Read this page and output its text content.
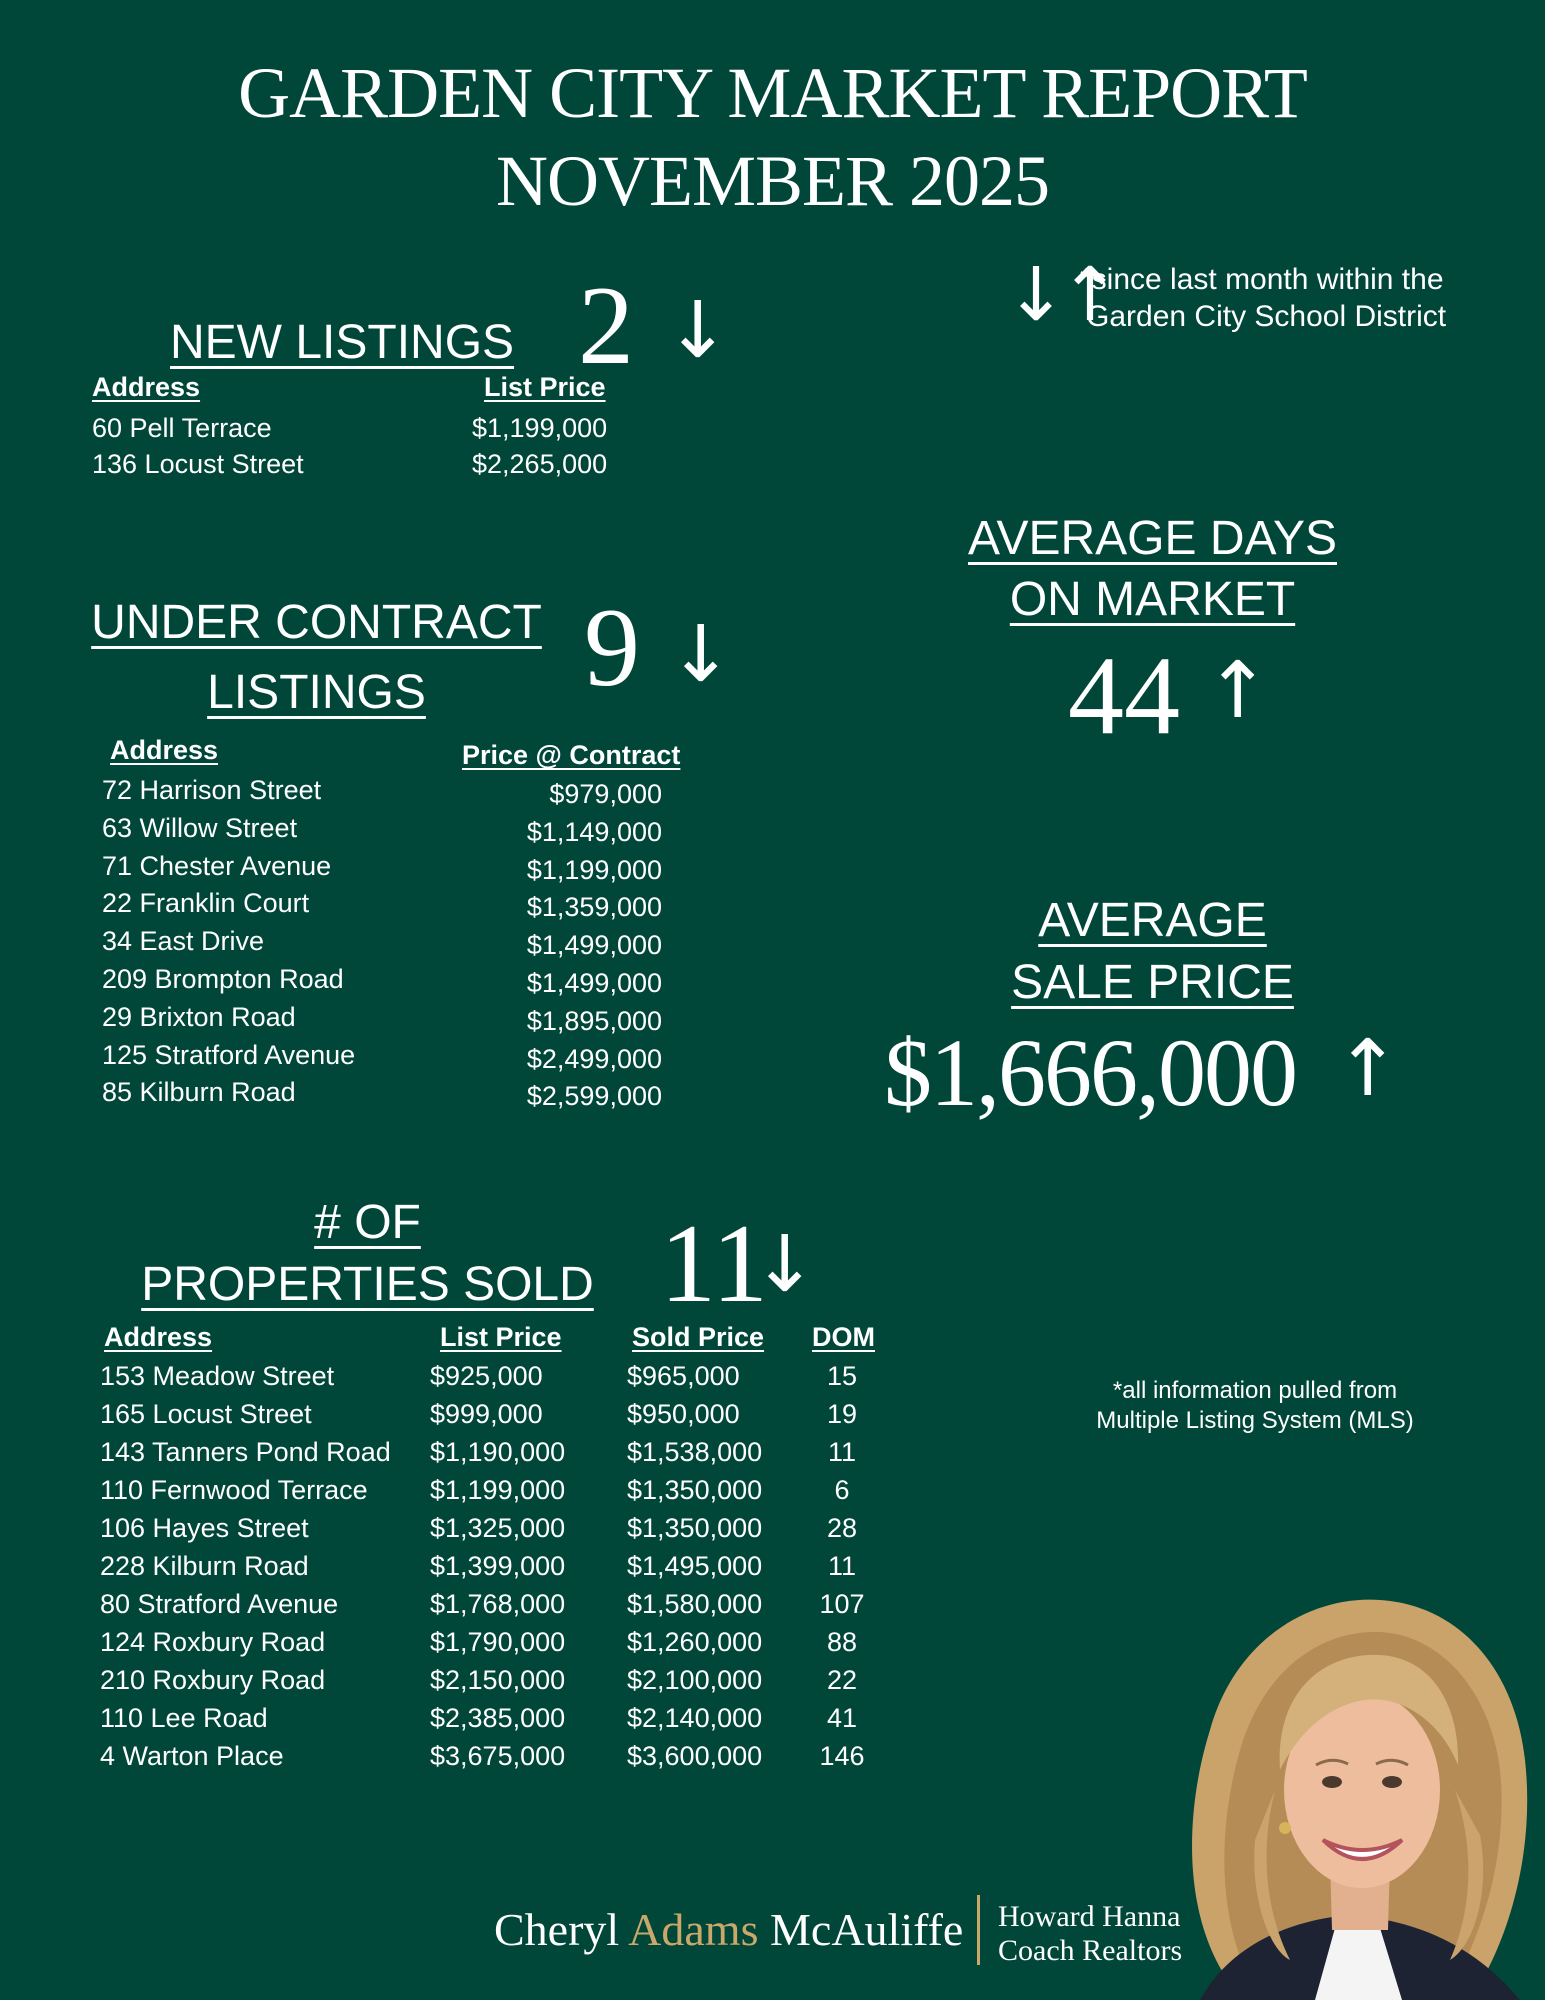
GARDEN CITY MARKET REPORT
NOVEMBER 2025
↓↑
*since last month within the
Garden City School District
NEW LISTINGS 2 ↓
Address	List Price
60 Pell Terrace	$1,199,000
136 Locust Street	$2,265,000
UNDER CONTRACT
LISTINGS	9 ↓
Address	Price @ Contract
72 Harrison Street	$979,000
63 Willow Street	$1,149,000
71 Chester Avenue	$1,199,000
22 Franklin Court	$1,359,000
34 East Drive	$1,499,000
209 Brompton Road	$1,499,000
29 Brixton Road	$1,895,000
125 Stratford Avenue	$2,499,000
85 Kilburn Road	$2,599,000
AVERAGE DAYS
ON MARKET
44 ↑
AVERAGE
SALE PRICE
$1,666,000 ↑
# OF
PROPERTIES SOLD 11
↓
Address	List Price	Sold Price DOM
153 Meadow Street	$925,000	$965,000	15
165 Locust Street	$999,000	$950,000	19
143 Tanners Pond Road $1,190,000 $1,538,000	11
110 Fernwood Terrace $1,199,000 $1,350,000	6
106 Hayes Street	$1,325,000 $1,350,000	28
228 Kilburn Road	$1,399,000 $1,495,000	11
80 Stratford Avenue	$1,768,000 $1,580,000 107
124 Roxbury Road	$1,790,000 $1,260,000	88
210 Roxbury Road	$2,150,000 $2,100,000	22
110 Lee Road	$2,385,000 $2,140,000	41
4 Warton Place	$3,675,000 $3,600,000 146
*all information pulled from
Multiple Listing System (MLS)
Cheryl Adams McAuliffe Howard Hanna
Coach Realtors
